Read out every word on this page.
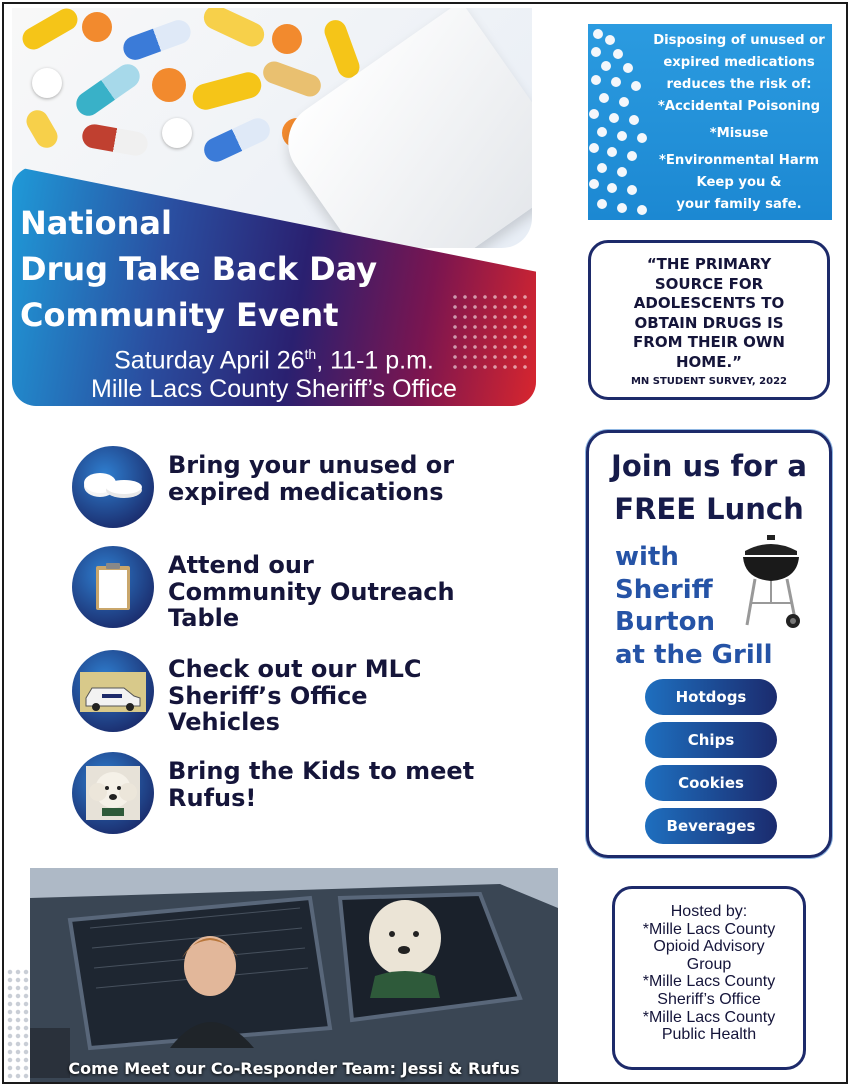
National
Drug Take Back Day
Community Event
Saturday April 26th, 11-1 p.m.
Mille Lacs County Sheriff’s Office
Disposing of unused or
expired medications
reduces the risk of:
*Accidental Poisoning
*Misuse
*Environmental Harm
Keep you &
your family safe.
“THE PRIMARY
SOURCE FOR
ADOLESCENTS TO
OBTAIN DRUGS IS
FROM THEIR OWN
HOME.”
MN STUDENT SURVEY, 2022
Bring your unused or
expired medications
Attend our
Community Outreach
Table
Check out our MLC
Sheriff’s Office
Vehicles
Bring the Kids to meet
Rufus!
Join us for a
FREE Lunch
with
Sheriff
Burton
at the Grill
Hotdogs
Chips
Cookies
Beverages
Hosted by:
*Mille Lacs County
Opioid Advisory
Group
*Mille Lacs County
Sheriff’s Office
*Mille Lacs County
Public Health
Come Meet our Co-Responder Team: Jessi & Rufus
